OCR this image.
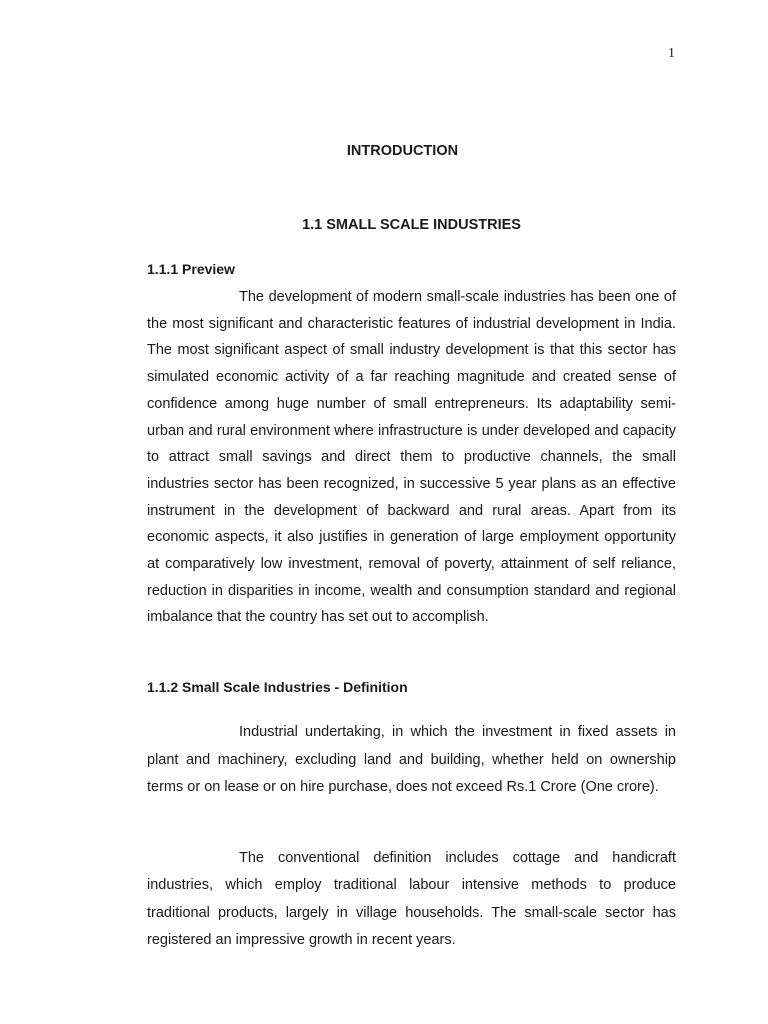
1
INTRODUCTION
1.1 SMALL SCALE INDUSTRIES
1.1.1 Preview

The development of modern small-scale industries has been one of the most significant and characteristic features of industrial development in India. The most significant aspect of small industry development is that this sector has simulated economic activity of a far reaching magnitude and created sense of confidence among huge number of small entrepreneurs. Its adaptability semi-urban and rural environment where infrastructure is under developed and capacity to attract small savings and direct them to productive channels, the small industries sector has been recognized, in successive 5 year plans as an effective instrument in the development of backward and rural areas. Apart from its economic aspects, it also justifies in generation of large employment opportunity at comparatively low investment, removal of poverty, attainment of self reliance, reduction in disparities in income, wealth and consumption standard and regional imbalance that the country has set out to accomplish.

1.1.2 Small Scale Industries - Definition

Industrial undertaking, in which the investment in fixed assets in plant and machinery, excluding land and building, whether held on ownership terms or on lease or on hire purchase, does not exceed Rs.1 Crore (One crore).

The conventional definition includes cottage and handicraft industries, which employ traditional labour intensive methods to produce traditional products, largely in village households. The small-scale sector has registered an impressive growth in recent years.
